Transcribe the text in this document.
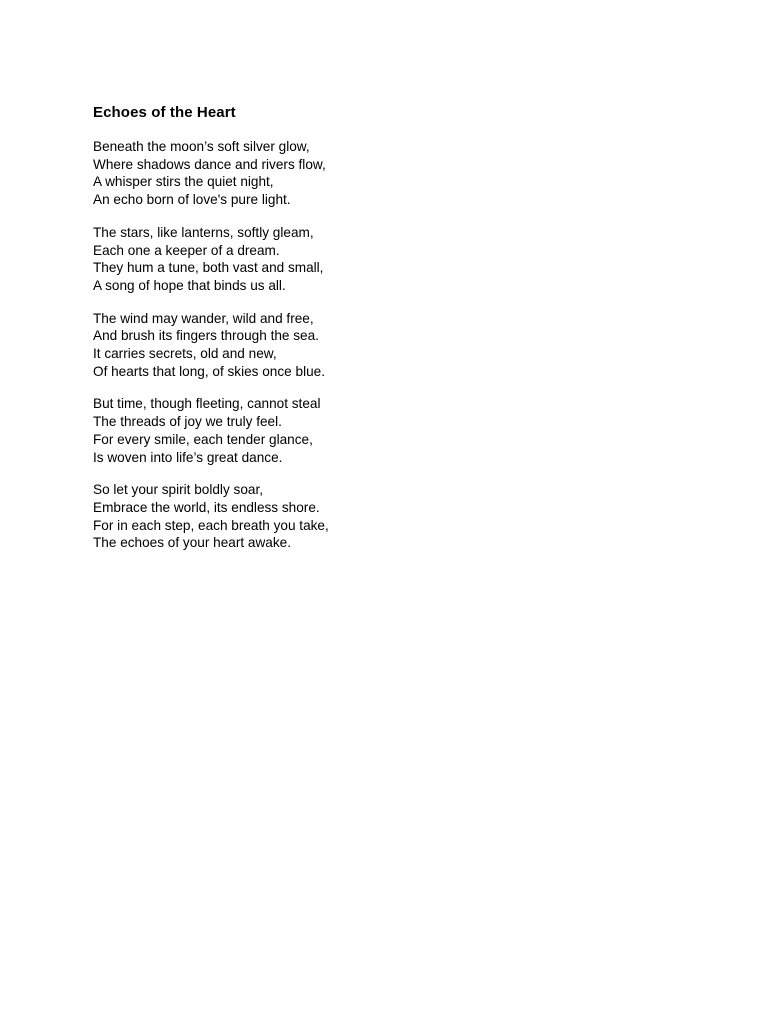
Echoes of the Heart
Beneath the moon’s soft silver glow,
Where shadows dance and rivers flow,
A whisper stirs the quiet night,
An echo born of love's pure light.
The stars, like lanterns, softly gleam,
Each one a keeper of a dream.
They hum a tune, both vast and small,
A song of hope that binds us all.
The wind may wander, wild and free,
And brush its fingers through the sea.
It carries secrets, old and new,
Of hearts that long, of skies once blue.
But time, though fleeting, cannot steal
The threads of joy we truly feel.
For every smile, each tender glance,
Is woven into life’s great dance.
So let your spirit boldly soar,
Embrace the world, its endless shore.
For in each step, each breath you take,
The echoes of your heart awake.
